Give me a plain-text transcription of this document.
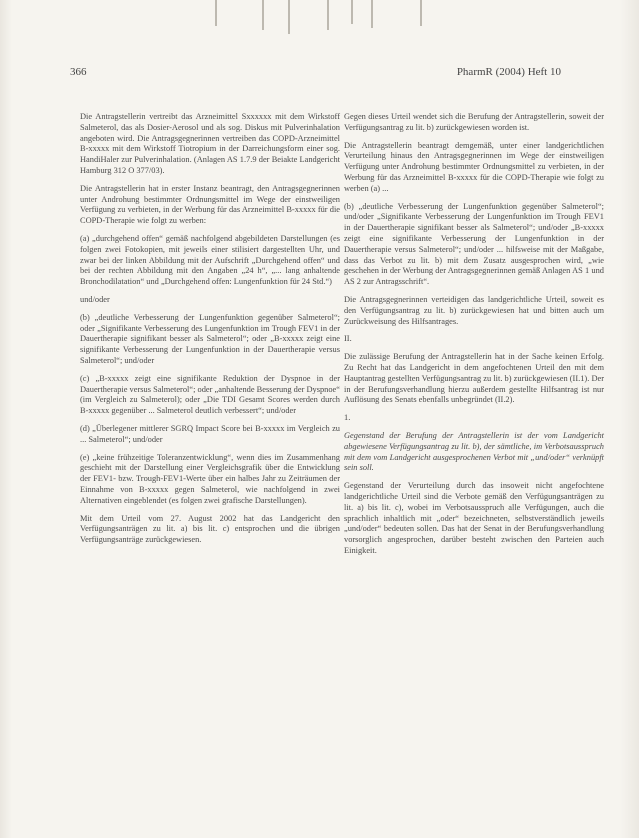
366	PharmR (2004) Heft 10

Die Antragstellerin vertreibt das Arzneimittel Sxxxxxx mit dem Wirkstoff Salmeterol, das als Dosier-Aerosol und als sog. Diskus mit Pulverinhalation angeboten wird. Die Antragsgegnerinnen vertreiben das COPD-Arzneimittel B-xxxxx mit dem Wirkstoff Tiotropium in der Darreichungsform einer sog. HandiHaler zur Pulverinhalation. (Anlagen AS 1.7.9 der Beiakte Landgericht Hamburg 312 O 377/03).

Die Antragstellerin hat in erster Instanz beantragt, den Antragsgegnerinnen unter Androhung bestimmter Ordnungsmittel im Wege der einstweiligen Verfügung zu verbieten, in der Werbung für das Arzneimittel B-xxxxx für die COPD-Therapie wie folgt zu werben:

(a) „durchgehend offen“ gemäß nachfolgend abgebildeten Darstellungen (es folgen zwei Fotokopien, mit jeweils einer stilisiert dargestellten Uhr, und zwar bei der linken Abbildung mit der Aufschrift „Durchgehend offen“ und bei der rechten Abbildung mit den Angaben „24 h“, „... lang anhaltende Bronchodilatation“ und „Durchgehend offen: Lungenfunktion für 24 Std.“)

und/oder

(b) „deutliche Verbesserung der Lungenfunktion gegenüber Salmeterol“; oder „Signifikante Verbesserung des Lungenfunktion im Trough FEV1 in der Dauertherapie signifikant besser als Salmeterol“; oder „B-xxxxx zeigt eine signifikante Verbesserung der Lungenfunktion in der Dauertherapie versus Salmeterol“; und/oder

(c) „B-xxxxx zeigt eine signifikante Reduktion der Dyspnoe in der Dauertherapie versus Salmeterol“; oder „anhaltende Besserung der Dyspnoe“ (im Vergleich zu Salmeterol); oder „Die TDI Gesamt Scores werden durch B-xxxxx gegenüber ... Salmeterol deutlich verbessert“; und/oder

(d) „Überlegener mittlerer SGRQ Impact Score bei B-xxxxx im Vergleich zu ... Salmeterol“; und/oder

(e) „keine frühzeitige Toleranzentwicklung“, wenn dies im Zusammenhang geschieht mit der Darstellung einer Vergleichsgrafik über die Entwicklung der FEV1- bzw. Trough-FEV1-Werte über ein halbes Jahr zu Zeiträumen der Einnahme von B-xxxxx gegen Salmeterol, wie nachfolgend in zwei Alternativen eingeblendet (es folgen zwei grafische Darstellungen).

Mit dem Urteil vom 27. August 2002 hat das Landgericht den Verfügungsanträgen zu lit. a) bis lit. c) entsprochen und die übrigen Verfügungsanträge zurückgewiesen.

Gegen dieses Urteil wendet sich die Berufung der Antragstellerin, soweit der Verfügungsantrag zu lit. b) zurückgewiesen worden ist.

Die Antragstellerin beantragt demgemäß, unter einer landgerichtlichen Verurteilung hinaus den Antragsgegnerinnen im Wege der einstweiligen Verfügung unter Androhung bestimmter Ordnungsmittel zu verbieten, in der Werbung für das Arzneimittel B-xxxxx für die COPD-Therapie wie folgt zu werben (a) ...

(b) „deutliche Verbesserung der Lungenfunktion gegenüber Salmeterol“; und/oder „Signifikante Verbesserung der Lungenfunktion im Trough FEV1 in der Dauertherapie signifikant besser als Salmeterol“; und/oder „B-xxxxx zeigt eine signifikante Verbesserung der Lungenfunktion in der Dauertherapie versus Salmeterol“; und/oder ... hilfsweise mit der Maßgabe, dass das Verbot zu lit. b) mit dem Zusatz ausgesprochen wird, „wie geschehen in der Werbung der Antragsgegnerinnen gemäß Anlagen AS 1 und AS 2 zur Antragsschrift“.

Die Antragsgegnerinnen verteidigen das landgerichtliche Urteil, soweit es den Verfügungsantrag zu lit. b) zurückgewiesen hat und bitten auch um Zurückweisung des Hilfsantrages.

II.

Die zulässige Berufung der Antragstellerin hat in der Sache keinen Erfolg. Zu Recht hat das Landgericht in dem angefochtenen Urteil den mit dem Hauptantrag gestellten Verfügungsantrag zu lit. b) zurückgewiesen (II.1). Der in der Berufungsverhandlung hierzu außerdem gestellte Hilfsantrag ist nur Auflösung des Senats ebenfalls unbegründet (II.2).

1.

Gegenstand der Berufung der Antragstellerin ist der vom Landgericht abgewiesene Verfügungsantrag zu lit. b), der sämtliche, im Verbotsausspruch mit dem vom Landgericht ausgesprochenen Verbot mit „und/oder“ verknüpft sein soll.

Gegenstand der Verurteilung durch das insoweit nicht angefochtene landgerichtliche Urteil sind die Verbote gemäß den Verfügungsanträgen zu lit. a) bis lit. c), wobei im Verbotsausspruch alle Verfügungen, auch die sprachlich inhaltlich mit „oder“ bezeichneten, selbstverständlich jeweils „und/oder“ bedeuten sollen. Das hat der Senat in der Berufungsverhandlung vorsorglich angesprochen, darüber besteht zwischen den Parteien auch Einigkeit.
